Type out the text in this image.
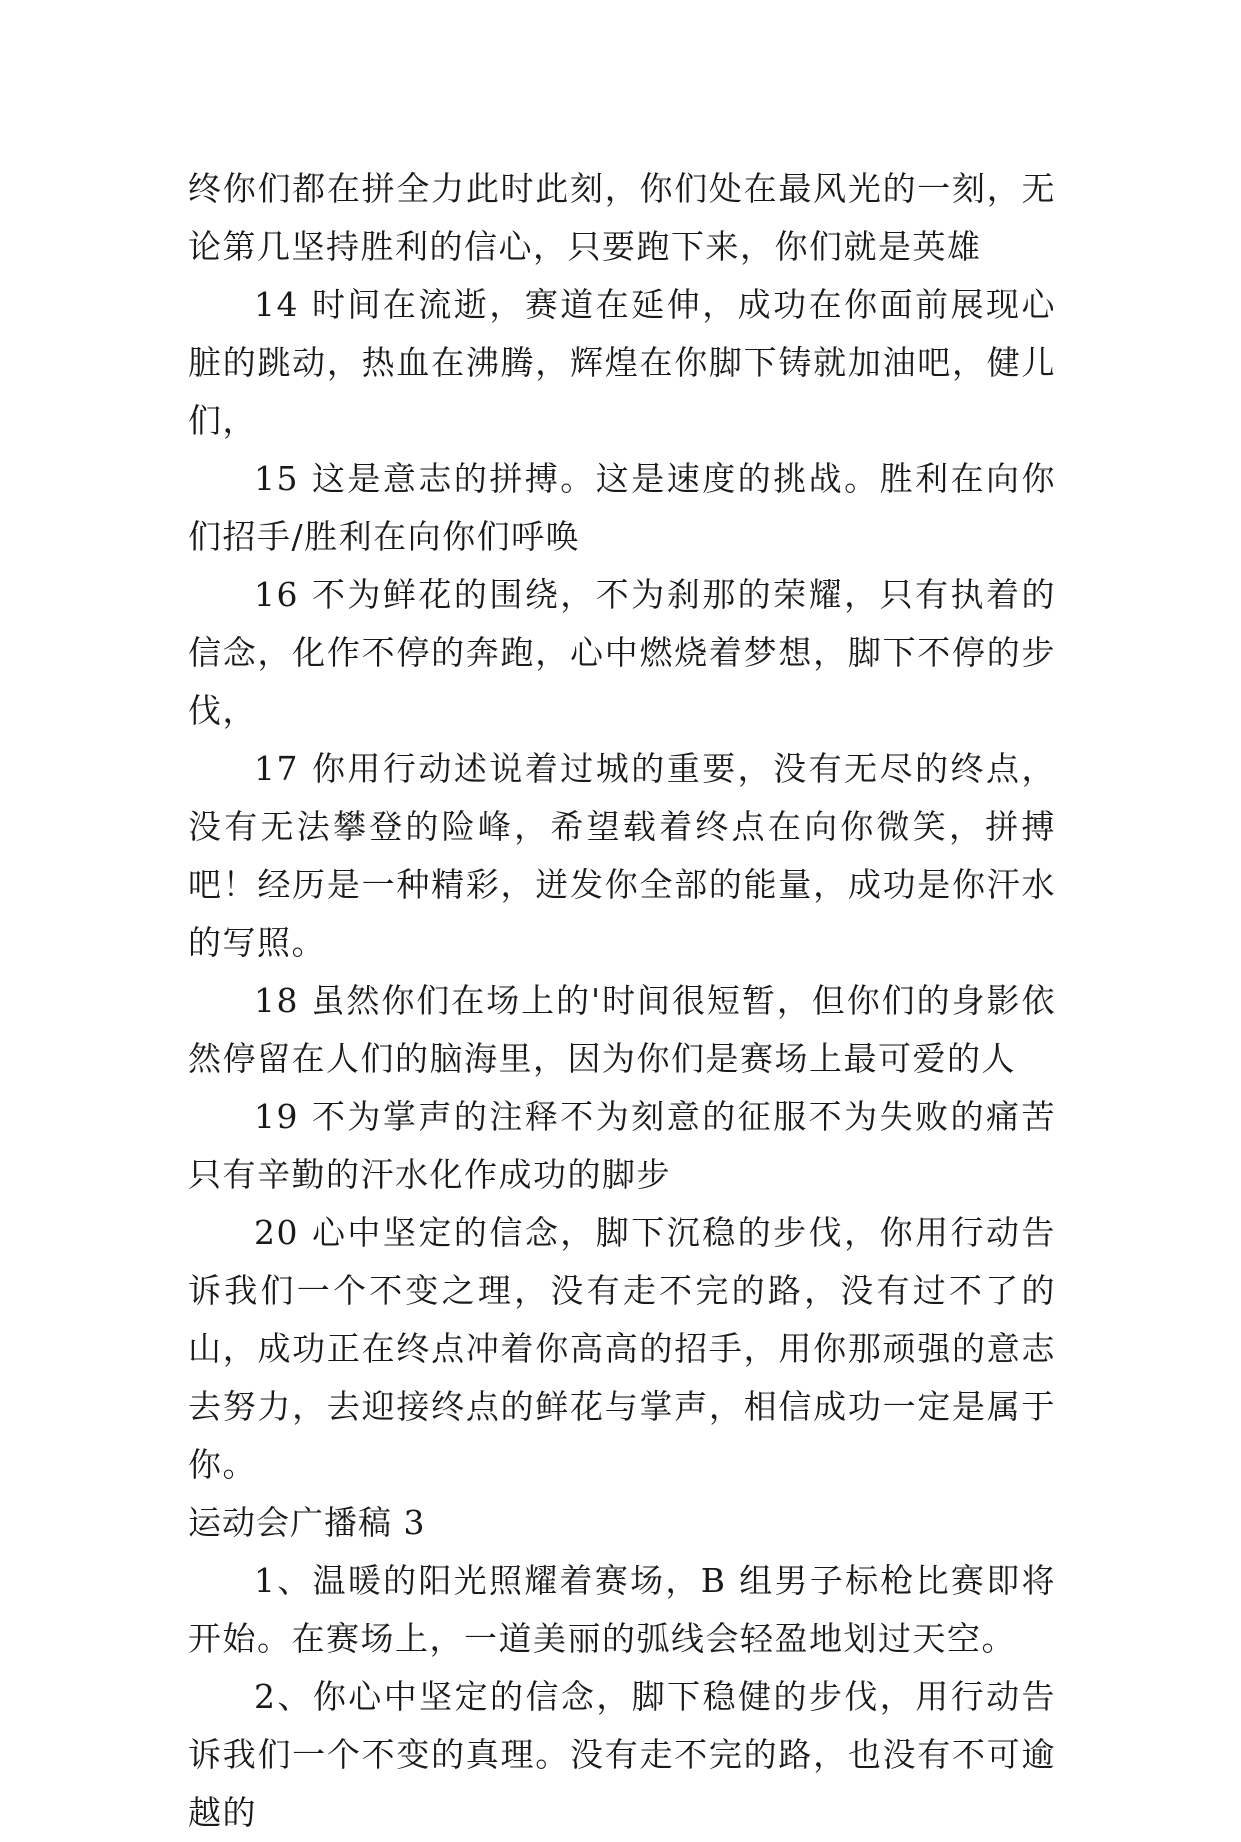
终你们都在拼全力此时此刻，你们处在最风光的一刻，无论第几坚持胜利的信心，只要跑下来，你们就是英雄

14 时间在流逝，赛道在延伸，成功在你面前展现心脏的跳动，热血在沸腾，辉煌在你脚下铸就加油吧，健儿们，

15 这是意志的拼搏。这是速度的挑战。胜利在向你们招手/胜利在向你们呼唤

16 不为鲜花的围绕，不为刹那的荣耀，只有执着的信念，化作不停的奔跑，心中燃烧着梦想，脚下不停的步伐，

17 你用行动述说着过城的重要，没有无尽的终点，没有无法攀登的险峰，希望载着终点在向你微笑，拼搏吧！经历是一种精彩，迸发你全部的能量，成功是你汗水的写照。

18 虽然你们在场上的'时间很短暂，但你们的身影依然停留在人们的脑海里，因为你们是赛场上最可爱的人

19 不为掌声的注释不为刻意的征服不为失败的痛苦只有辛勤的汗水化作成功的脚步

20 心中坚定的信念，脚下沉稳的步伐，你用行动告诉我们一个不变之理，没有走不完的路，没有过不了的山，成功正在终点冲着你高高的招手，用你那顽强的意志去努力，去迎接终点的鲜花与掌声，相信成功一定是属于你。

运动会广播稿 3

1、温暖的阳光照耀着赛场，B 组男子标枪比赛即将开始。在赛场上，一道美丽的弧线会轻盈地划过天空。

2、你心中坚定的信念，脚下稳健的步伐，用行动告诉我们一个不变的真理。没有走不完的路，也没有不可逾越的
